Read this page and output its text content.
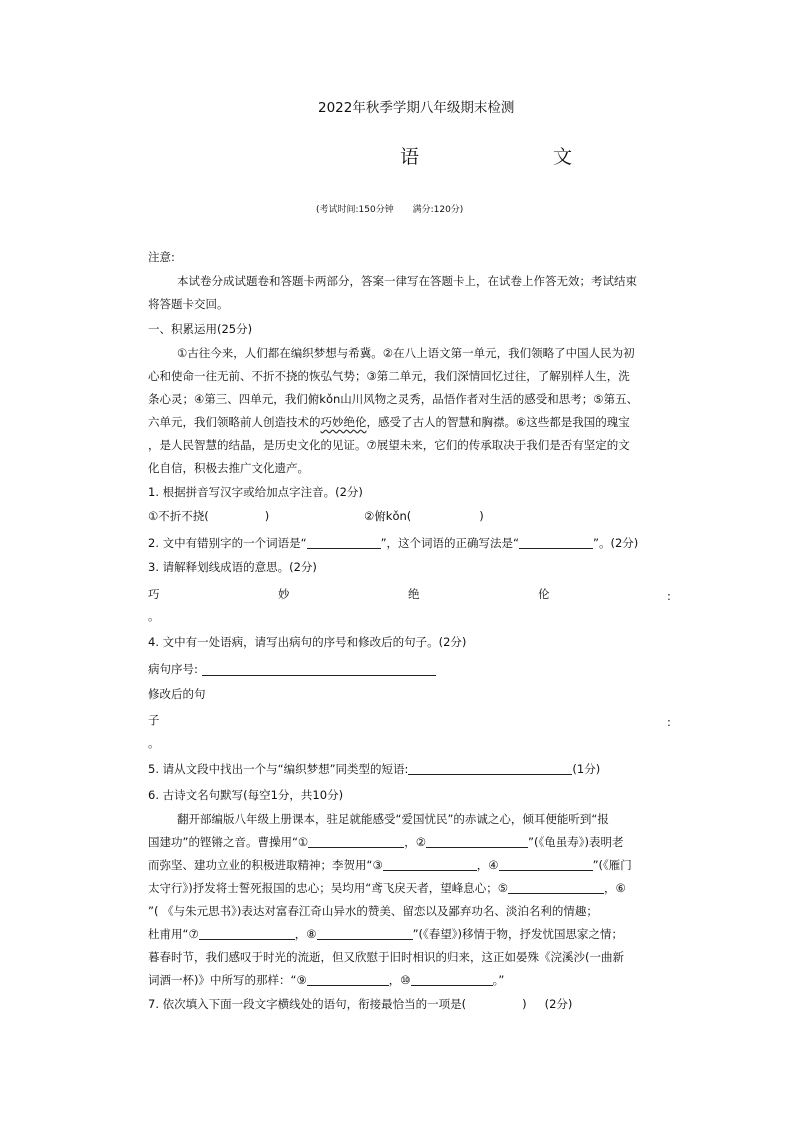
2022年秋季学期八年级期末检测
语 文
(考试时间:150分钟 满分:120分)
注意:
本试卷分成试题卷和答题卡两部分，答案一律写在答题卡上，在试卷上作答无效；考试结束
将答题卡交回。
一、积累运用(25分)
①古往今来，人们都在编织梦想与希冀。②在八上语文第一单元，我们领略了中国人民为初
心和使命一往无前、不折不挠的恢弘气势；③第二单元，我们深情回忆过往，了解别样人生，洗
条心灵；④第三、四单元，我们俯kǒn山川风物之灵秀，品悟作者对生活的感受和思考；⑤第五、
六单元，我们领略前人创造技术的巧妙绝伦，感受了古人的智慧和胸襟。⑥这些都是我国的瑰宝
，是人民智慧的结晶，是历史文化的见证。⑦展望未来，它们的传承取决于我们是否有坚定的文
化自信，积极去推广文化遗产。
1. 根据拼音写汉字或给加点字注音。(2分)
①不折不挠(	)	②俯kǒn(	)
2. 文中有错别字的一个词语是“	”，这个词语的正确写法是“	”。(2分)
3. 请解释划线成语的意思。(2分)
巧	妙	绝	伦	:
。
4. 文中有一处语病，请写出病句的序号和修改后的句子。(2分)
病句序号:
修改后的句
子	:
。
5. 请从文段中找出一个与“编织梦想”同类型的短语:	(1分)
6. 古诗文名句默写(每空1分，共10分)
翻开部编版八年级上册课本，驻足就能感受“爱国忧民”的赤诚之心，倾耳便能听到“报
国建功”的铿锵之音。曹操用“①	，②	”(《龟虽寿》)表明老
而弥坚、建功立业的积极进取精神；李贺用“③	，④	”(《雁门
太守行》)抒发将士誓死报国的忠心；吴均用“鸢飞戾天者，望峰息心；⑤	，⑥
”( 《与朱元思书》)表达对富春江奇山异水的赞美、留恋以及鄙弃功名、淡泊名利的情趣；
杜甫用“⑦	，⑧	”(《春望》)移情于物，抒发忧国思家之情；
暮春时节，我们感叹于时光的流逝，但又欣慰于旧时相识的归来，这正如晏殊《浣溪沙(一曲新
词酒一杯)》中所写的那样：“⑨	，⑩	。”
7. 依次填入下面一段文字横线处的语句，衔接最恰当的一项是(	) (2分)
